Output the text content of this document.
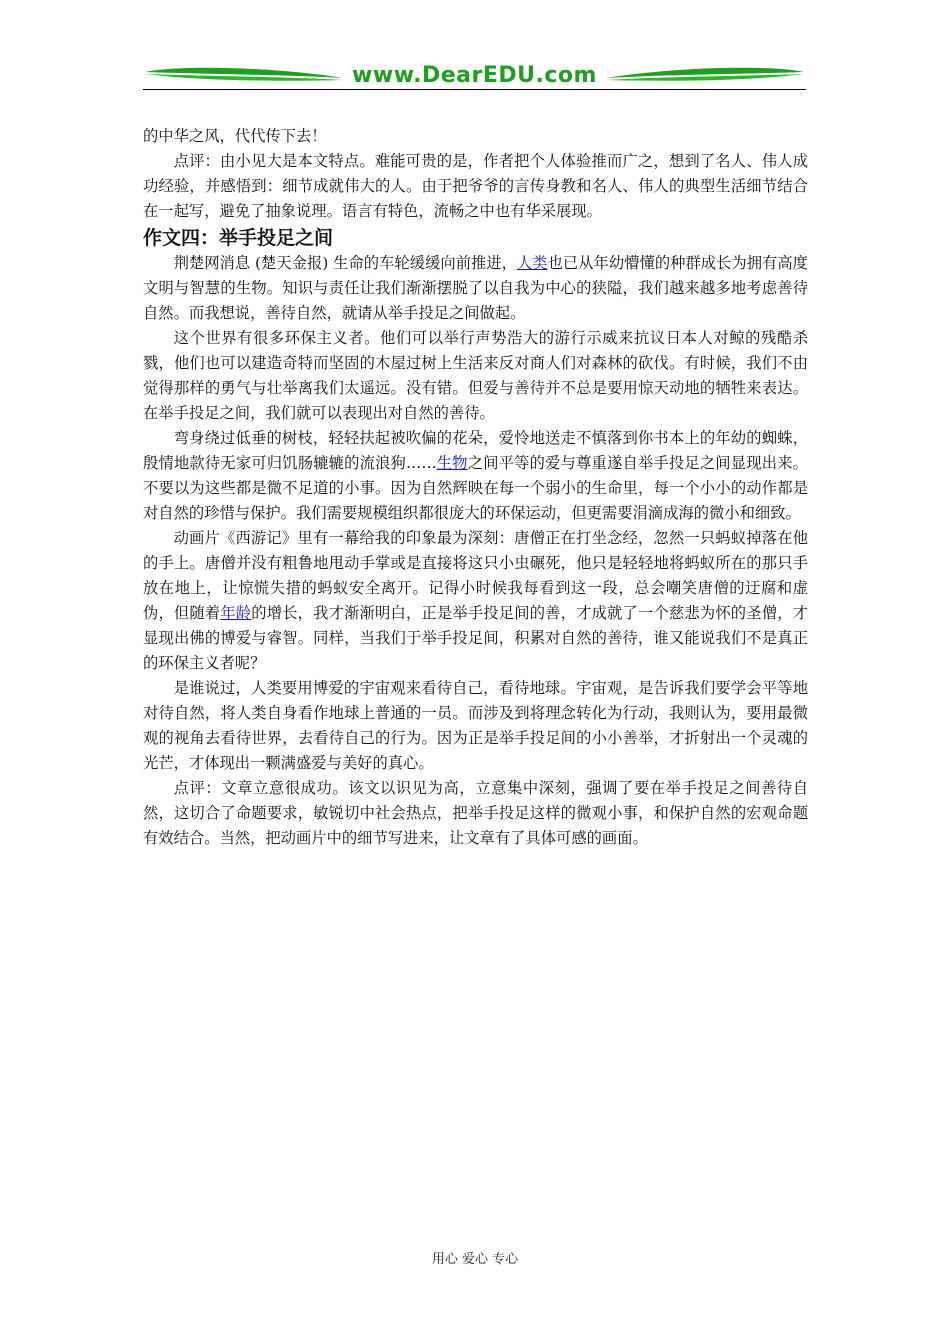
www.DearEDU.com

的中华之风，代代传下去！

点评：由小见大是本文特点。难能可贵的是，作者把个人体验推而广之，想到了名人、伟人成功经验，并感悟到：细节成就伟大的人。由于把爷爷的言传身教和名人、伟人的典型生活细节结合在一起写，避免了抽象说理。语言有特色，流畅之中也有华采展现。

作文四：举手投足之间

荆楚网消息 (楚天金报) 生命的车轮缓缓向前推进，人类也已从年幼懵懂的种群成长为拥有高度文明与智慧的生物。知识与责任让我们渐渐摆脱了以自我为中心的狭隘，我们越来越多地考虑善待自然。而我想说，善待自然，就请从举手投足之间做起。

这个世界有很多环保主义者。他们可以举行声势浩大的游行示威来抗议日本人对鲸的残酷杀戮，他们也可以建造奇特而坚固的木屋过树上生活来反对商人们对森林的砍伐。有时候，我们不由觉得那样的勇气与壮举离我们太遥远。没有错。但爱与善待并不总是要用惊天动地的牺牲来表达。在举手投足之间，我们就可以表现出对自然的善待。

弯身绕过低垂的树枝，轻轻扶起被吹偏的花朵，爱怜地送走不慎落到你书本上的年幼的蜘蛛，殷情地款待无家可归饥肠辘辘的流浪狗……生物之间平等的爱与尊重遂自举手投足之间显现出来。不要以为这些都是微不足道的小事。因为自然辉映在每一个弱小的生命里，每一个小小的动作都是对自然的珍惜与保护。我们需要规模组织都很庞大的环保运动，但更需要涓滴成海的微小和细致。

动画片《西游记》里有一幕给我的印象最为深刻：唐僧正在打坐念经，忽然一只蚂蚁掉落在他的手上。唐僧并没有粗鲁地甩动手掌或是直接将这只小虫碾死，他只是轻轻地将蚂蚁所在的那只手放在地上，让惊慌失措的蚂蚁安全离开。记得小时候我每看到这一段，总会嘲笑唐僧的迂腐和虚伪，但随着年龄的增长，我才渐渐明白，正是举手投足间的善，才成就了一个慈悲为怀的圣僧，才显现出佛的博爱与睿智。同样，当我们于举手投足间，积累对自然的善待，谁又能说我们不是真正的环保主义者呢？

是谁说过，人类要用博爱的宇宙观来看待自己，看待地球。宇宙观，是告诉我们要学会平等地对待自然，将人类自身看作地球上普通的一员。而涉及到将理念转化为行动，我则认为，要用最微观的视角去看待世界，去看待自己的行为。因为正是举手投足间的小小善举，才折射出一个灵魂的光芒，才体现出一颗满盛爱与美好的真心。

点评：文章立意很成功。该文以识见为高，立意集中深刻，强调了要在举手投足之间善待自然，这切合了命题要求，敏锐切中社会热点，把举手投足这样的微观小事，和保护自然的宏观命题有效结合。当然，把动画片中的细节写进来，让文章有了具体可感的画面。

用心 爱心 专心
